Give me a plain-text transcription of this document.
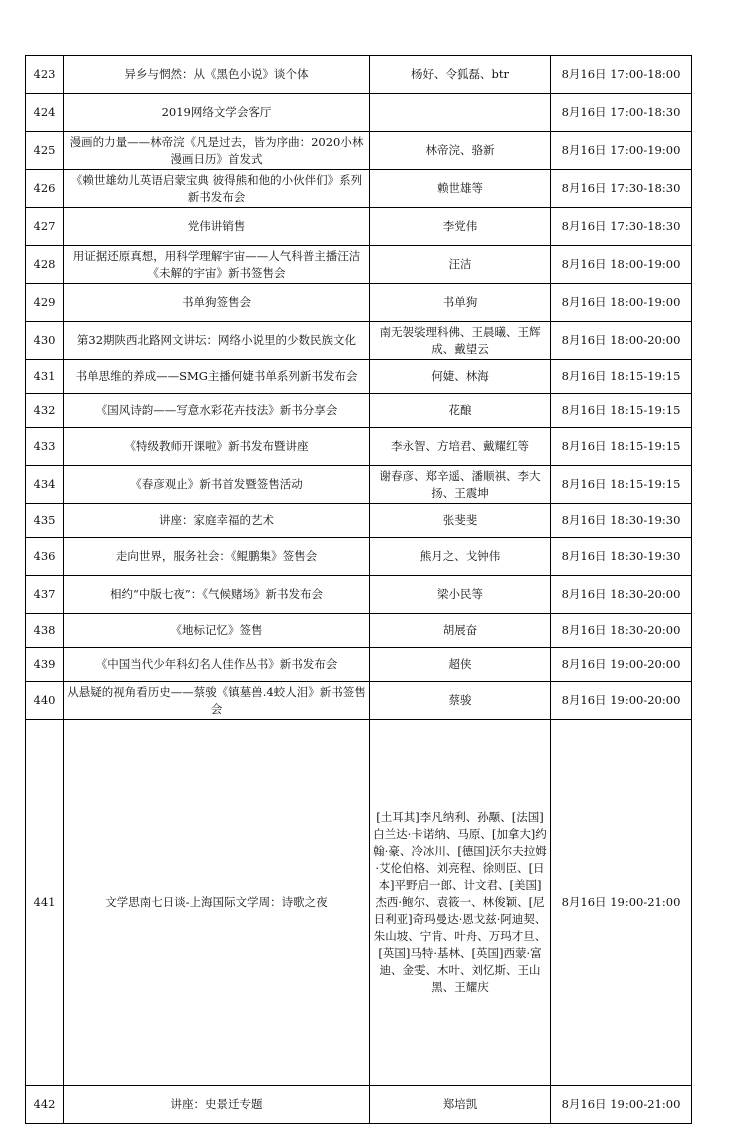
423	异乡与惘然：从《黑色小说》谈个体	杨好、令狐磊、btr	8月16日 17:00-18:00
424	2019网络文学会客厅		8月16日 17:00-18:30
425	漫画的力量——林帝浣《凡是过去，皆为序曲：2020小林漫画日历》首发式	林帝浣、骆新	8月16日 17:00-19:00
426	《赖世雄幼儿英语启蒙宝典 彼得熊和他的小伙伴们》系列新书发布会	赖世雄等	8月16日 17:30-18:30
427	党伟讲销售	李党伟	8月16日 17:30-18:30
428	用证据还原真想，用科学理解宇宙——人气科普主播汪洁《未解的宇宙》新书签售会	汪洁	8月16日 18:00-19:00
429	书单狗签售会	书单狗	8月16日 18:00-19:00
430	第32期陕西北路网文讲坛：网络小说里的少数民族文化	南无袈裟理科佛、王晨曦、王辉成、戴望云	8月16日 18:00-20:00
431	书单思维的养成——SMG主播何婕书单系列新书发布会	何婕、林海	8月16日 18:15-19:15
432	《国风诗韵——写意水彩花卉技法》新书分享会	花酿	8月16日 18:15-19:15
433	《特级教师开课啦》新书发布暨讲座	李永智、方培君、戴耀红等	8月16日 18:15-19:15
434	《春彦观止》新书首发暨签售活动	谢春彦、郑辛遥、潘顺祺、李大扬、王震坤	8月16日 18:15-19:15
435	讲座：家庭幸福的艺术	张斐斐	8月16日 18:30-19:30
436	走向世界，服务社会：《鲲鹏集》签售会	熊月之、戈钟伟	8月16日 18:30-19:30
437	相约“中版七夜”：《气候赌场》新书发布会	梁小民等	8月16日 18:30-20:00
438	《地标记忆》签售	胡展奋	8月16日 18:30-20:00
439	《中国当代少年科幻名人佳作丛书》新书发布会	超侠	8月16日 19:00-20:00
440	从悬疑的视角看历史——蔡骏《镇墓兽.4蛟人泪》新书签售会	蔡骏	8月16日 19:00-20:00
441	文学思南七日谈-上海国际文学周：诗歌之夜	[土耳其]李凡纳利、孙颙、[法国]白兰达·卡诺纳、马原、[加拿大]约翰·豪、冷冰川、[德国]沃尔夫拉姆·艾伦伯格、刘亮程、徐则臣、[日本]平野启一郎、计文君、[美国]杰西·鲍尔、袁筱一、林俊颖、[尼日利亚]奇玛曼达·恩戈兹·阿迪契、朱山坡、宁肯、叶舟、万玛才旦、[英国]马特·基林、[英国]西蒙·富迪、金雯、木叶、刘忆斯、王山黑、王耀庆	8月16日 19:00-21:00
442	讲座：史景迁专题	郑培凯	8月16日 19:00-21:00
